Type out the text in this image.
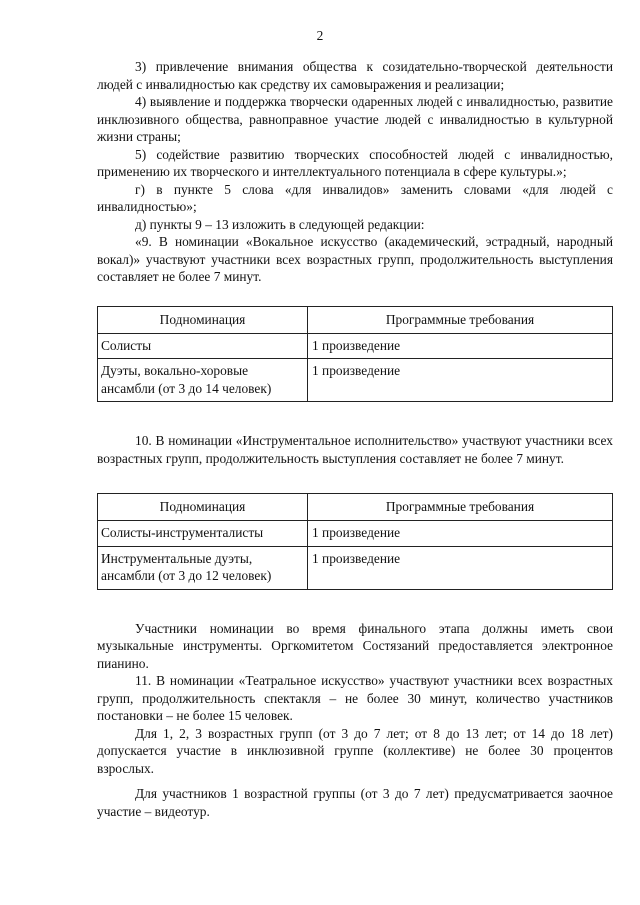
2

3) привлечение внимания общества к созидательно-творческой деятельности людей с инвалидностью как средству их самовыражения и реализации;

4) выявление и поддержка творчески одаренных людей с инвалидностью, развитие инклюзивного общества, равноправное участие людей с инвалидностью в культурной жизни страны;

5) содействие развитию творческих способностей людей с инвалидностью, применению их творческого и интеллектуального потенциала в сфере культуры.»;

г) в пункте 5 слова «для инвалидов» заменить словами «для людей с инвалидностью»;

д) пункты 9 – 13 изложить в следующей редакции:

«9. В номинации «Вокальное искусство (академический, эстрадный, народный вокал)» участвуют участники всех возрастных групп, продолжительность выступления составляет не более 7 минут.

Подноминация	Программные требования
Солисты	1 произведение
Дуэты, вокально-хоровые ансамбли (от 3 до 14 человек)	1 произведение

10. В номинации «Инструментальное исполнительство» участвуют участники всех возрастных групп, продолжительность выступления составляет не более 7 минут.

Подноминация	Программные требования
Солисты-инструменталисты	1 произведение
Инструментальные дуэты, ансамбли (от 3 до 12 человек)	1 произведение

Участники номинации во время финального этапа должны иметь свои музыкальные инструменты. Оргкомитетом Состязаний предоставляется электронное пианино.

11. В номинации «Театральное искусство» участвуют участники всех возрастных групп, продолжительность спектакля – не более 30 минут, количество участников постановки – не более 15 человек.

Для 1, 2, 3 возрастных групп (от 3 до 7 лет; от 8 до 13 лет; от 14 до 18 лет) допускается участие в инклюзивной группе (коллективе) не более 30 процентов взрослых.

Для участников 1 возрастной группы (от 3 до 7 лет) предусматривается заочное участие – видеотур.
